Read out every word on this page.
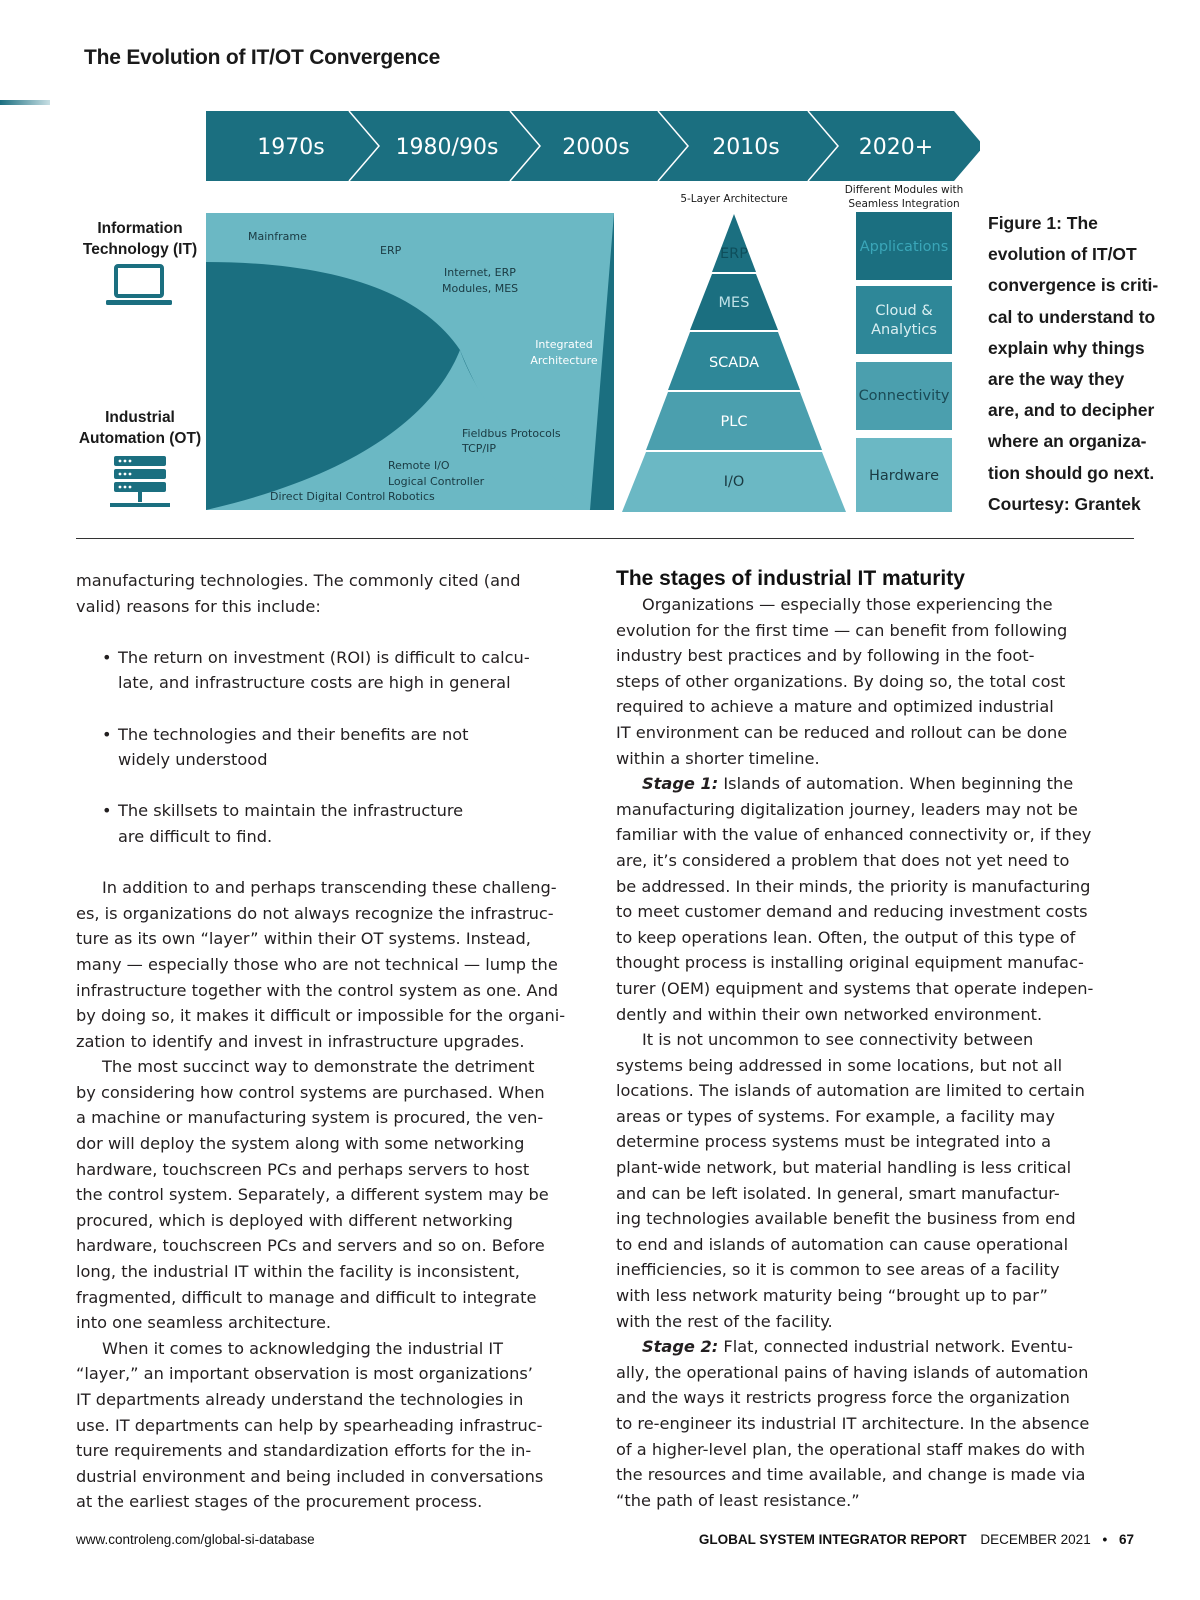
The Evolution of IT/OT Convergence
1970s	1980/90s	2000s	2010s	2020+
Information
Technology (IT)
Industrial
Automation (OT)
Mainframe
ERP
Internet, ERP
Modules, MES
Integrated
Architecture
Fieldbus Protocols
TCP/IP
Remote I/O
Logical Controller
Direct Digital Control Robotics
5-Layer Architecture
ERP
MES
SCADA
PLC
I/O
Different Modules with
Seamless Integration
Applications
Cloud &
Analytics
Connectivity
Hardware
Figure 1: The
evolution of IT/OT
convergence is criti-
cal to understand to
explain why things
are the way they
are, and to decipher
where an organiza-
tion should go next.
Courtesy: Grantek

manufacturing technologies. The commonly cited (and

valid) reasons for this include:

• The return on investment (ROI) is difficult to calcu-

late, and infrastructure costs are high in general

• The technologies and their benefits are not

widely understood

• The skillsets to maintain the infrastructure

are difficult to find.

In addition to and perhaps transcending these challeng-

es, is organizations do not always recognize the infrastruc-

ture as its own “layer” within their OT systems. Instead,

many — especially those who are not technical — lump the

infrastructure together with the control system as one. And

by doing so, it makes it difficult or impossible for the organi-

zation to identify and invest in infrastructure upgrades.

The most succinct way to demonstrate the detriment

by considering how control systems are purchased. When

a machine or manufacturing system is procured, the ven-

dor will deploy the system along with some networking

hardware, touchscreen PCs and perhaps servers to host

the control system. Separately, a different system may be

procured, which is deployed with different networking

hardware, touchscreen PCs and servers and so on. Before

long, the industrial IT within the facility is inconsistent,

fragmented, difficult to manage and difficult to integrate

into one seamless architecture.

When it comes to acknowledging the industrial IT

“layer,” an important observation is most organizations’

IT departments already understand the technologies in

use. IT departments can help by spearheading infrastruc-

ture requirements and standardization efforts for the in-

dustrial environment and being included in conversations

at the earliest stages of the procurement process.

The stages of industrial IT maturity

Organizations — especially those experiencing the

evolution for the first time — can benefit from following

industry best practices and by following in the foot-

steps of other organizations. By doing so, the total cost

required to achieve a mature and optimized industrial

IT environment can be reduced and rollout can be done

within a shorter timeline.

Stage 1: Islands of automation. When beginning the

manufacturing digitalization journey, leaders may not be

familiar with the value of enhanced connectivity or, if they

are, it’s considered a problem that does not yet need to

be addressed. In their minds, the priority is manufacturing

to meet customer demand and reducing investment costs

to keep operations lean. Often, the output of this type of

thought process is installing original equipment manufac-

turer (OEM) equipment and systems that operate indepen-

dently and within their own networked environment.

It is not uncommon to see connectivity between

systems being addressed in some locations, but not all

locations. The islands of automation are limited to certain

areas or types of systems. For example, a facility may

determine process systems must be integrated into a

plant-wide network, but material handling is less critical

and can be left isolated. In general, smart manufactur-

ing technologies available benefit the business from end

to end and islands of automation can cause operational

inefficiencies, so it is common to see areas of a facility

with less network maturity being “brought up to par”

with the rest of the facility.

Stage 2: Flat, connected industrial network. Eventu-

ally, the operational pains of having islands of automation

and the ways it restricts progress force the organization

to re-engineer its industrial IT architecture. In the absence

of a higher-level plan, the operational staff makes do with

the resources and time available, and change is made via

“the path of least resistance.”

www.controleng.com/global-si-database	GLOBAL SYSTEM INTEGRATOR REPORT DECEMBER 2021 • 67
